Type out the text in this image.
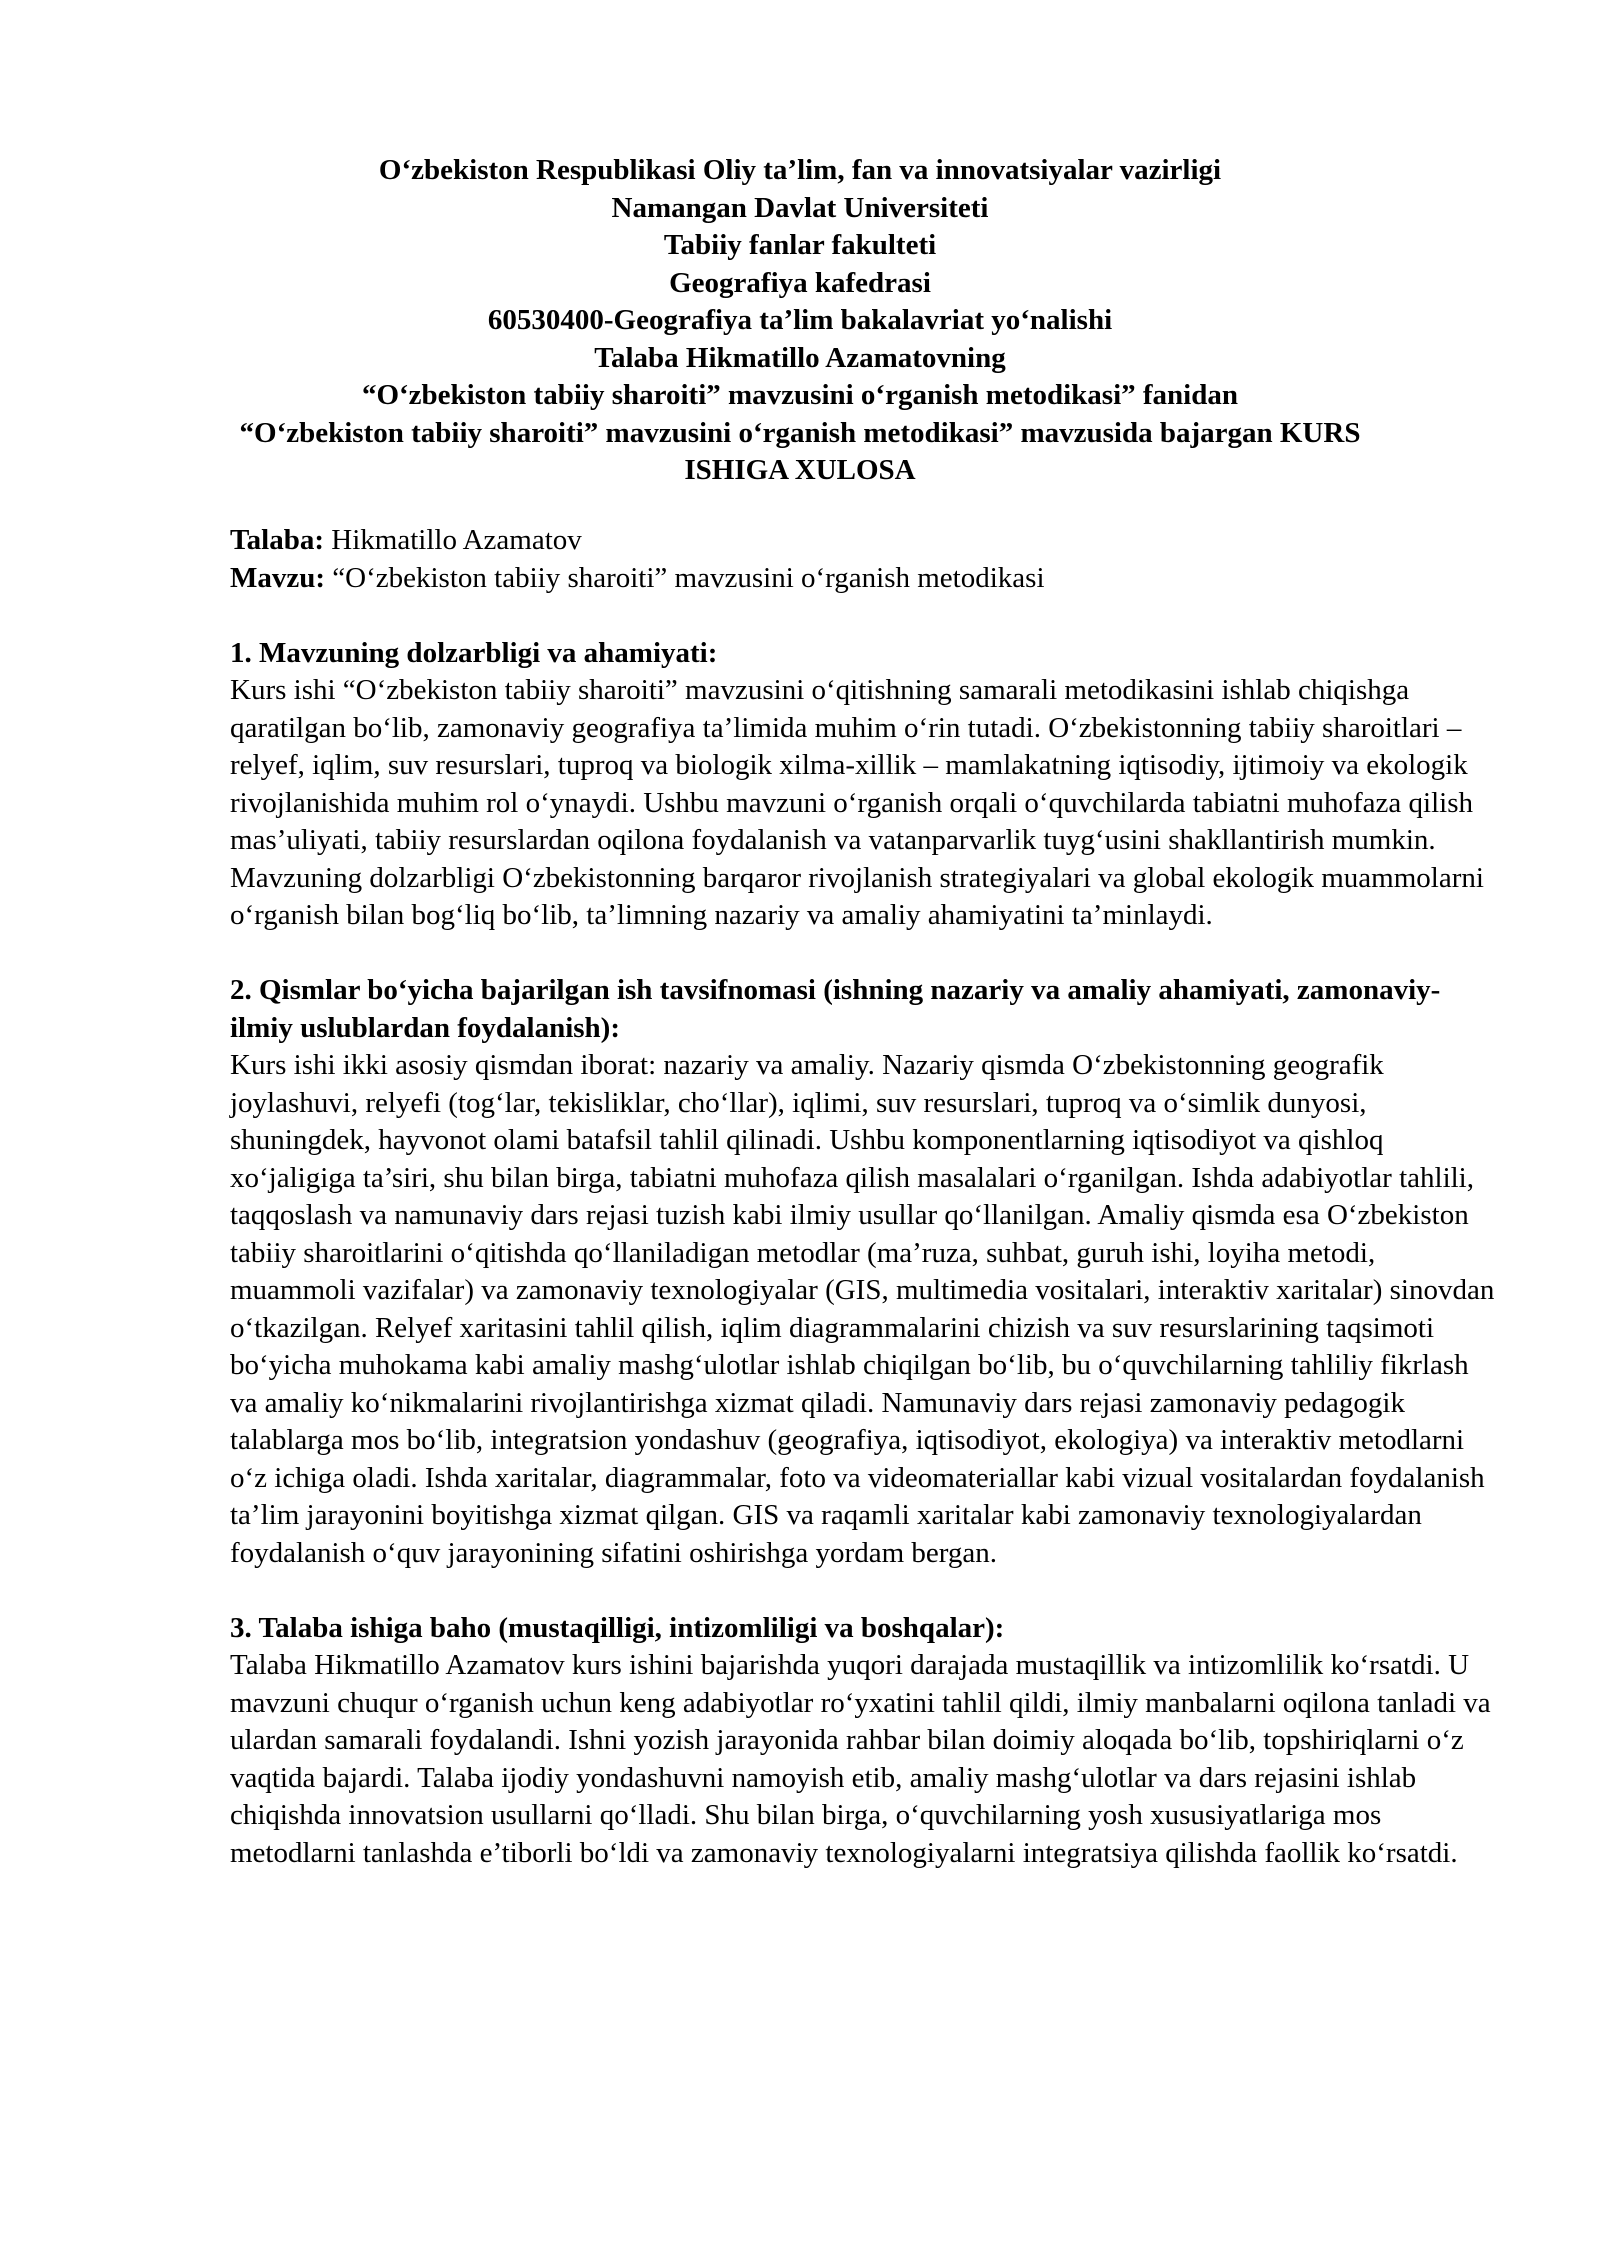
O‘zbekiston Respublikasi Oliy ta’lim, fan va innovatsiyalar vazirligi
Namangan Davlat Universiteti
Tabiiy fanlar fakulteti
Geografiya kafedrasi
60530400-Geografiya ta’lim bakalavriat yo‘nalishi
Talaba Hikmatillo Azamatovning
“O‘zbekiston tabiiy sharoiti” mavzusini o‘rganish metodikasi” fanidan
“O‘zbekiston tabiiy sharoiti” mavzusini o‘rganish metodikasi” mavzusida bajargan KURS ISHIGA XULOSA

Talaba: Hikmatillo Azamatov

Mavzu: “O‘zbekiston tabiiy sharoiti” mavzusini o‘rganish metodikasi

1. Mavzuning dolzarbligi va ahamiyati:

Kurs ishi “O‘zbekiston tabiiy sharoiti” mavzusini o‘qitishning samarali metodikasini ishlab chiqishga qaratilgan bo‘lib, zamonaviy geografiya ta’limida muhim o‘rin tutadi. O‘zbekistonning tabiiy sharoitlari – relyef, iqlim, suv resurslari, tuproq va biologik xilma-xillik – mamlakatning iqtisodiy, ijtimoiy va ekologik rivojlanishida muhim rol o‘ynaydi. Ushbu mavzuni o‘rganish orqali o‘quvchilarda tabiatni muhofaza qilish mas’uliyati, tabiiy resurslardan oqilona foydalanish va vatanparvarlik tuyg‘usini shakllantirish mumkin. Mavzuning dolzarbligi O‘zbekistonning barqaror rivojlanish strategiyalari va global ekologik muammolarni o‘rganish bilan bog‘liq bo‘lib, ta’limning nazariy va amaliy ahamiyatini ta’minlaydi.

2. Qismlar bo‘yicha bajarilgan ish tavsifnomasi (ishning nazariy va amaliy ahamiyati, zamonaviy-ilmiy uslublardan foydalanish):

Kurs ishi ikki asosiy qismdan iborat: nazariy va amaliy. Nazariy qismda O‘zbekistonning geografik joylashuvi, relyefi (tog‘lar, tekisliklar, cho‘llar), iqlimi, suv resurslari, tuproq va o‘simlik dunyosi, shuningdek, hayvonot olami batafsil tahlil qilinadi. Ushbu komponentlarning iqtisodiyot va qishloq xo‘jaligiga ta’siri, shu bilan birga, tabiatni muhofaza qilish masalalari o‘rganilgan. Ishda adabiyotlar tahlili, taqqoslash va namunaviy dars rejasi tuzish kabi ilmiy usullar qo‘llanilgan. Amaliy qismda esa O‘zbekiston tabiiy sharoitlarini o‘qitishda qo‘llaniladigan metodlar (ma’ruza, suhbat, guruh ishi, loyiha metodi, muammoli vazifalar) va zamonaviy texnologiyalar (GIS, multimedia vositalari, interaktiv xaritalar) sinovdan o‘tkazilgan. Relyef xaritasini tahlil qilish, iqlim diagrammalarini chizish va suv resurslarining taqsimoti bo‘yicha muhokama kabi amaliy mashg‘ulotlar ishlab chiqilgan bo‘lib, bu o‘quvchilarning tahliliy fikrlash va amaliy ko‘nikmalarini rivojlantirishga xizmat qiladi. Namunaviy dars rejasi zamonaviy pedagogik talablarga mos bo‘lib, integratsion yondashuv (geografiya, iqtisodiyot, ekologiya) va interaktiv metodlarni o‘z ichiga oladi. Ishda xaritalar, diagrammalar, foto va videomateriallar kabi vizual vositalardan foydalanish ta’lim jarayonini boyitishga xizmat qilgan. GIS va raqamli xaritalar kabi zamonaviy texnologiyalardan foydalanish o‘quv jarayonining sifatini oshirishga yordam bergan.

3. Talaba ishiga baho (mustaqilligi, intizomliligi va boshqalar):

Talaba Hikmatillo Azamatov kurs ishini bajarishda yuqori darajada mustaqillik va intizomlilik ko‘rsatdi. U mavzuni chuqur o‘rganish uchun keng adabiyotlar ro‘yxatini tahlil qildi, ilmiy manbalarni oqilona tanladi va ulardan samarali foydalandi. Ishni yozish jarayonida rahbar bilan doimiy aloqada bo‘lib, topshiriqlarni o‘z vaqtida bajardi. Talaba ijodiy yondashuvni namoyish etib, amaliy mashg‘ulotlar va dars rejasini ishlab chiqishda innovatsion usullarni qo‘lladi. Shu bilan birga, o‘quvchilarning yosh xususiyatlariga mos metodlarni tanlashda e’tiborli bo‘ldi va zamonaviy texnologiyalarni integratsiya qilishda faollik ko‘rsatdi.
